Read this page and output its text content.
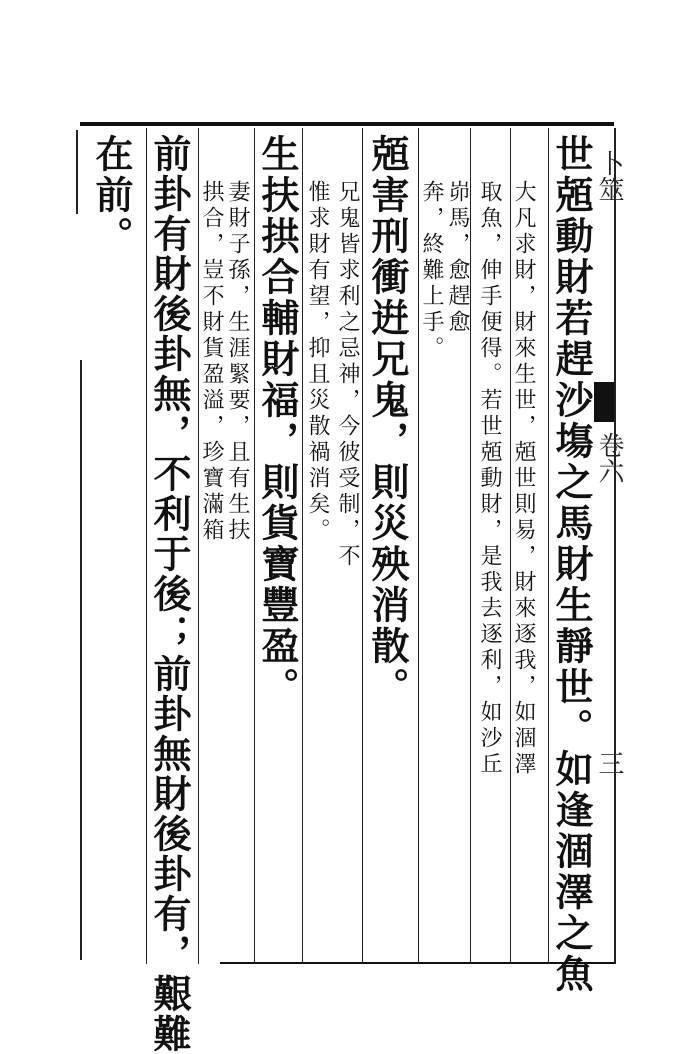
卜筮
卷六
三
世兡動財若趕沙塲之馬財生靜世。如逢涸澤之魚
大凡求財，財來生世，兡世則易，財來逐我，如涸澤
取魚，伸手便得。若世兡動財，是我去逐利，如沙丘
峁馬，愈趕愈
奔，終難上手。
兡害刑衝逬兄鬼，則災殃消散。
兄鬼皆求利之忌神，今彼受制，不
惟求財有望，抑且災散禍消矣。
生扶拱合輔財福，則貨寶豐盈。
妻財子孫，生涯緊要，且有生扶
拱合，豈不財貨盈溢，珍寶滿箱
前卦有財後卦無，不利于後；前卦無財後卦有，艱難
在前。
